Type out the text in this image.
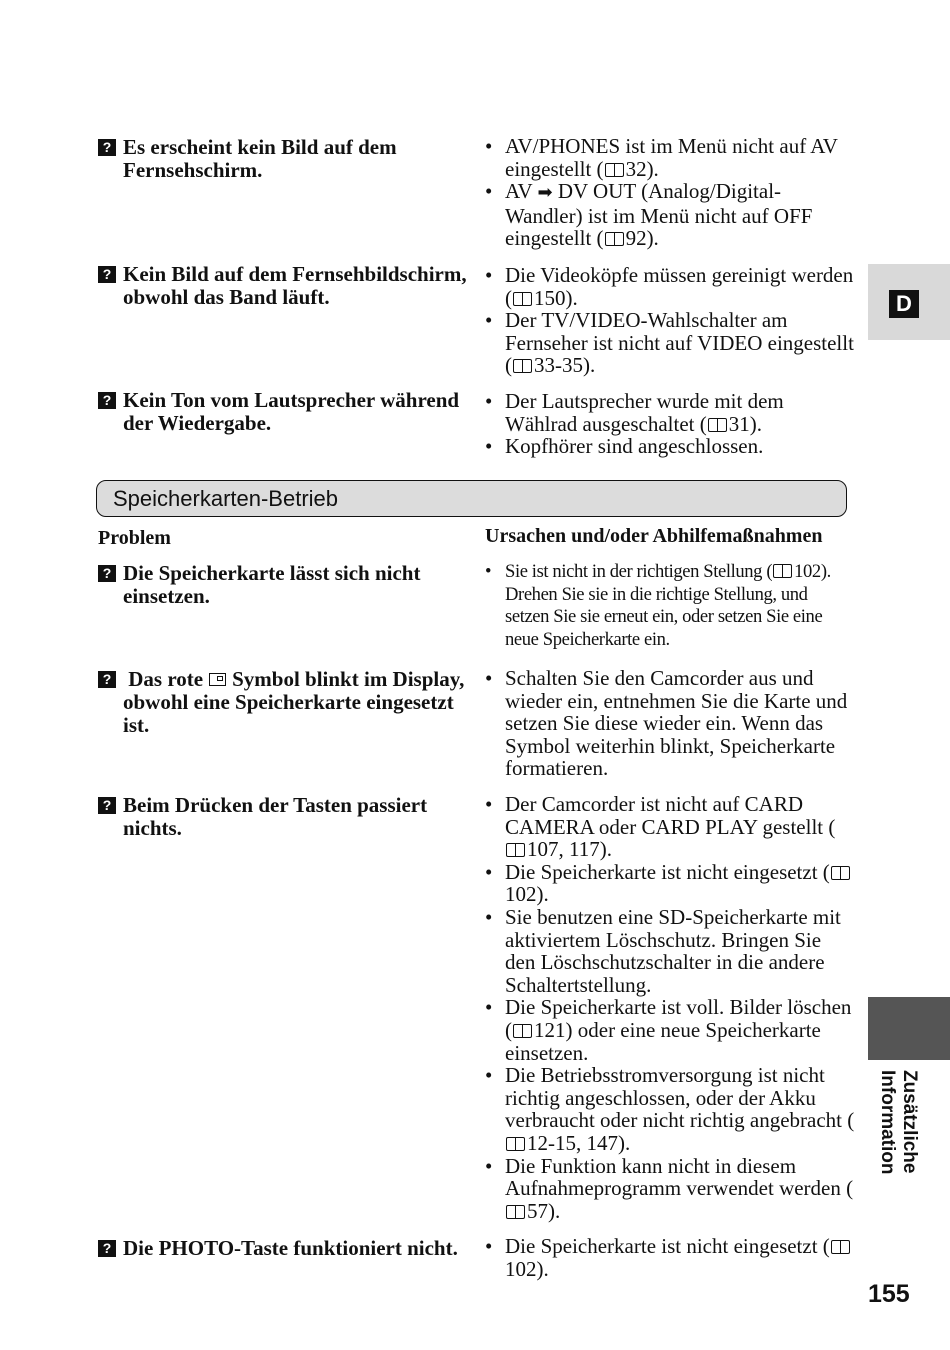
? Es erscheint kein Bild auf dem Fernsehschirm.
• AV/PHONES ist im Menü nicht auf AV eingestellt ( 32).
• AV ➡ DV OUT (Analog/Digital-Wandler) ist im Menü nicht auf OFF eingestellt ( 92).
? Kein Bild auf dem Fernsehbildschirm, obwohl das Band läuft.
• Die Videoköpfe müssen gereinigt werden ( 150).
• Der TV/VIDEO-Wahlschalter am Fernseher ist nicht auf VIDEO eingestellt ( 33-35).
? Kein Ton vom Lautsprecher während der Wiedergabe.
• Der Lautsprecher wurde mit dem Wählrad ausgeschaltet ( 31).
• Kopfhörer sind angeschlossen.
Speicherkarten-Betrieb
Problem	Ursachen und/oder Abhilfemaßnahmen
? Die Speicherkarte lässt sich nicht einsetzen.
• Sie ist nicht in der richtigen Stellung ( 102). Drehen Sie sie in die richtige Stellung, und setzen Sie sie erneut ein, oder setzen Sie eine neue Speicherkarte ein.
? Das rote Symbol blinkt im Display, obwohl eine Speicherkarte eingesetzt ist.
• Schalten Sie den Camcorder aus und wieder ein, entnehmen Sie die Karte und setzen Sie diese wieder ein. Wenn das Symbol weiterhin blinkt, Speicherkarte formatieren.
? Beim Drücken der Tasten passiert nichts.
• Der Camcorder ist nicht auf CARD CAMERA oder CARD PLAY gestellt (107, 117).
• Die Speicherkarte ist nicht eingesetzt (102).
• Sie benutzen eine SD-Speicherkarte mit aktiviertem Löschschutz. Bringen Sie den Löschschutzschalter in die andere Schaltertstellung.
• Die Speicherkarte ist voll. Bilder löschen ( 121) oder eine neue Speicherkarte einsetzen.
• Die Betriebsstromversorgung ist nicht richtig angeschlossen, oder der Akku verbraucht oder nicht richtig angebracht (12-15, 147).
• Die Funktion kann nicht in diesem Aufnahmeprogramm verwendet werden (57).
? Die PHOTO-Taste funktioniert nicht.
•	Die Speicherkarte ist nicht eingesetzt (102).
D
Zusätzliche
Information
155
